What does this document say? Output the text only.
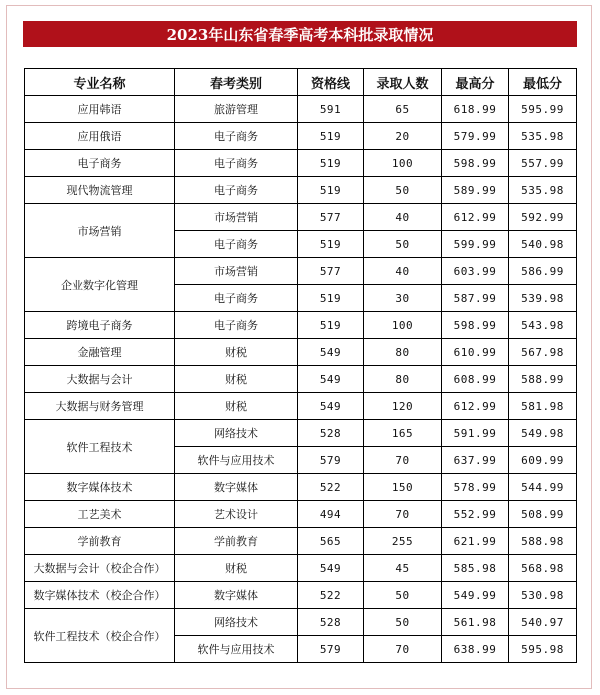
2023年山东省春季高考本科批录取情况
专业名称	春考类别	资格线	录取人数	最高分	最低分
应用韩语	旅游管理	591	65	618.99	595.99
应用俄语	电子商务	519	20	579.99	535.98
电子商务	电子商务	519	100	598.99	557.99
现代物流管理	电子商务	519	50	589.99	535.98
市场营销	市场营销	577	40	612.99	592.99
	电子商务	519	50	599.99	540.98
企业数字化管理	市场营销	577	40	603.99	586.99
	电子商务	519	30	587.99	539.98
跨境电子商务	电子商务	519	100	598.99	543.98
金融管理	财税	549	80	610.99	567.98
大数据与会计	财税	549	80	608.99	588.99
大数据与财务管理	财税	549	120	612.99	581.98
软件工程技术	网络技术	528	165	591.99	549.98
	软件与应用技术	579	70	637.99	609.99
数字媒体技术	数字媒体	522	150	578.99	544.99
工艺美术	艺术设计	494	70	552.99	508.99
学前教育	学前教育	565	255	621.99	588.98
大数据与会计（校企合作）	财税	549	45	585.98	568.98
数字媒体技术（校企合作）	数字媒体	522	50	549.99	530.98
软件工程技术（校企合作）	网络技术	528	50	561.98	540.97
	软件与应用技术	579	70	638.99	595.98
